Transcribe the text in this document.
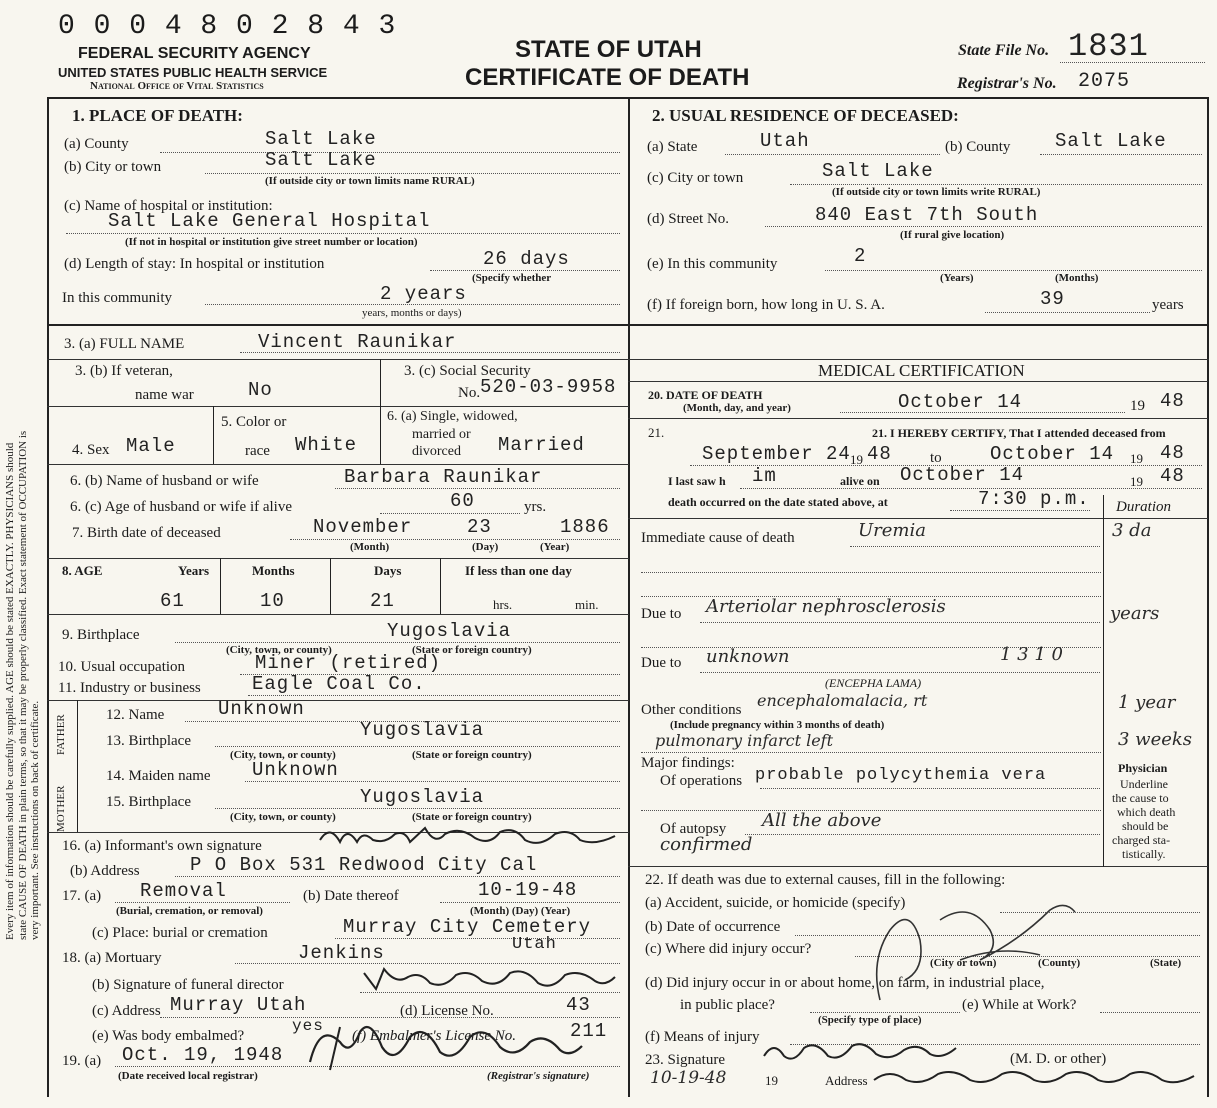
0 0 0 4 8 0 2 8 4 3
FEDERAL SECURITY AGENCY
UNITED STATES PUBLIC HEALTH SERVICE
National Office of Vital Statistics
STATE OF UTAH
CERTIFICATE OF DEATH
State File No. 1831
Registrar's No. 2075
Every item of information should be carefully supplied. AGE should be stated EXACTLY. PHYSICIANS should state CAUSE OF DEATH in plain terms, so that it may be properly classified. Exact statement of OCCUPATION is very important. See instructions on back of certificate.
1. PLACE OF DEATH:
(a) County	Salt Lake
(b) City or town	Salt Lake
(If outside city or town limits name RURAL)
(c) Name of hospital or institution:
Salt Lake General Hospital
(If not in hospital or institution give street number or location)
(d) Length of stay: In hospital or institution	26 days
(Specify whether
In this community	2 years
years, months or days)
2. USUAL RESIDENCE OF DECEASED:
(a) State	Utah	(b) County Salt Lake
(c) City or town	Salt Lake
(If outside city or town limits write RURAL)
(d) Street No.	840 East 7th South
(If rural give location)
(e) In this community	2
(Years)	(Months)
(f) If foreign born, how long in U. S. A.	39	years
3. (a) FULL NAME	Vincent Raunikar
3. (b) If veteran,
name war	No
3. (c) Social Security
No. 520-03-9958
4. Sex Male
5. Color or
race White
6. (a) Single, widowed,
married or
divorced Married
6. (b) Name of husband or wife	Barbara Raunikar
6. (c) Age of husband or wife if alive	60	yrs.
7. Birth date of deceased	November	23	1886
(Month)	(Day)	(Year)
8. AGE	Years	Months	Days	If less than one day
61	10	21	hrs.	min.
9. Birthplace	Yugoslavia
(City, town, or county)	(State or foreign country)
10. Usual occupation	Miner (retired)
11. Industry or business	Eagle Coal Co.
FATHER
MOTHER
12. Name	Unknown
13. Birthplace	Yugoslavia
(City, town, or county)	(State or foreign country)
14. Maiden name Unknown
15. Birthplace	Yugoslavia
(City, town, or county)	(State or foreign country)
16. (a) Informant's own signature
(b) Address	P O Box 531 Redwood City Cal
17. (a) Removal
(Burial, cremation, or removal)
(b) Date thereof	10-19-48
(Month) (Day) (Year)
(c) Place: burial or cremation	Murray City Cemetery
18. (a) Mortuary	Jenkins	Utah
(b) Signature of funeral director
(c) Address Murray Utah	(d) License No.	43
(e) Was body embalmed?
yes
(f) Embalmer's License No.	211
19. (a) Oct. 19, 1948
(Date received local registrar)	(Registrar's signature)
MEDICAL CERTIFICATION
20. DATE OF DEATH
(Month, day, and year)	October 14	19 48
21.	21. I HEREBY CERTIFY, That I attended deceased from
September 24 19 48	to	October 14 19 48
I last saw h im	alive on October 14	19 48
death occurred on the date stated above, at	7:30 p.m. Duration
Immediate cause of death	Uremia	3 da
Due to Arteriolar nephrosclerosis	years
Due to unknown	1 3 1 0
(ENCEPHA LAMA)
Other conditions encephalomalacia, rt	1 year
(Include pregnancy within 3 months of death)
pulmonary infarct left	3 weeks
Major findings:
Of operations probable polycythemia vera
Of autopsy All the above
confirmed
Physician
Underline
the cause to
which death
should be
charged sta-
tistically.
22. If death was due to external causes, fill in the following:
(a) Accident, suicide, or homicide (specify)
(b) Date of occurrence
(c) Where did injury occur?
(City or town)	(County)	(State)
(d) Did injury occur in or about home, on farm, in industrial place,
in public place?
(Specify type of place)
(e) While at Work?
(f) Means of injury
23. Signature	(M. D. or other)
10-19-48	19	Address
